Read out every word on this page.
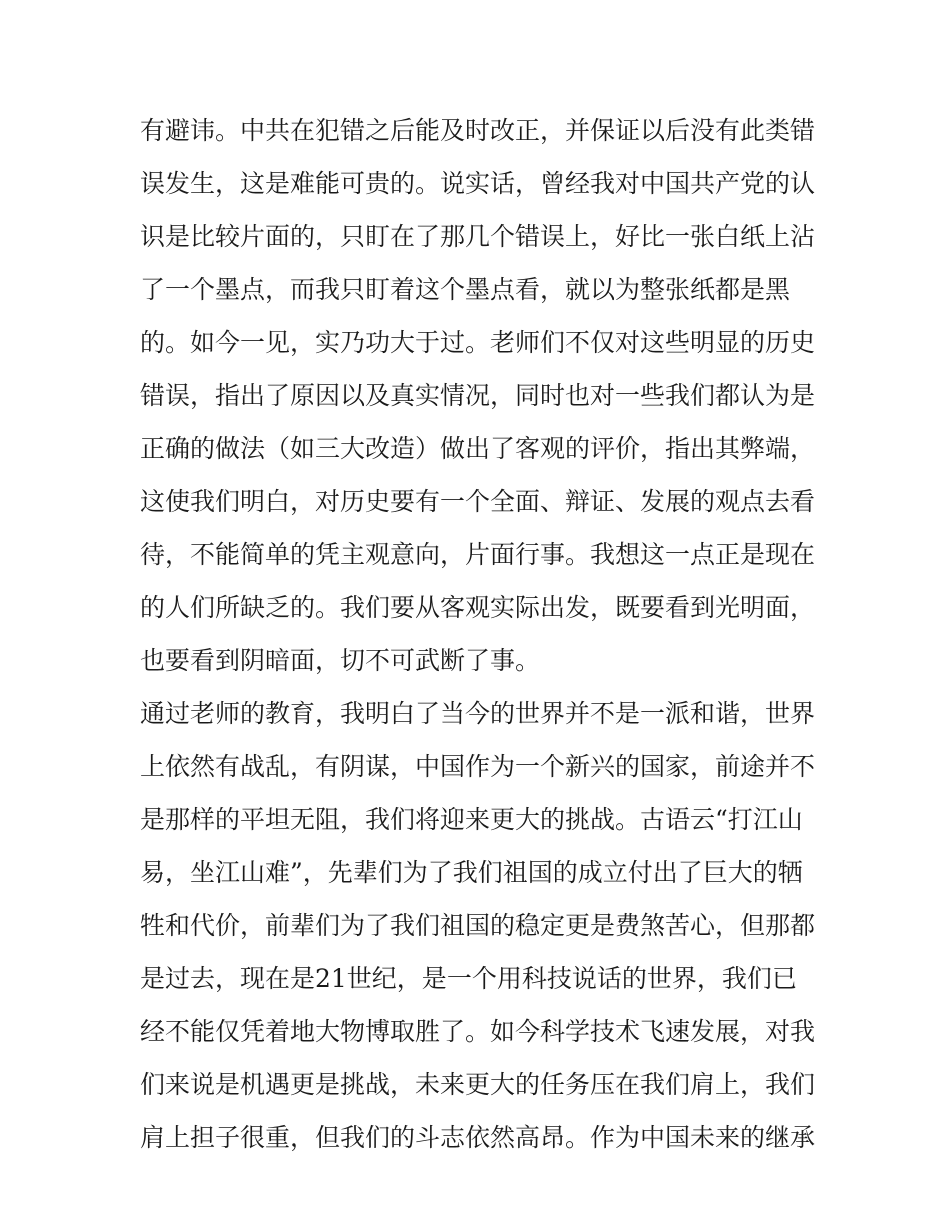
有避讳。中共在犯错之后能及时改正，并保证以后没有此类错
误发生，这是难能可贵的。说实话，曾经我对中国共产党的认
识是比较片面的，只盯在了那几个错误上，好比一张白纸上沾
了一个墨点，而我只盯着这个墨点看，就以为整张纸都是黑
的。如今一见，实乃功大于过。老师们不仅对这些明显的历史
错误，指出了原因以及真实情况，同时也对一些我们都认为是
正确的做法（如三大改造）做出了客观的评价，指出其弊端，
这使我们明白，对历史要有一个全面、辩证、发展的观点去看
待，不能简单的凭主观意向，片面行事。我想这一点正是现在
的人们所缺乏的。我们要从客观实际出发，既要看到光明面，
也要看到阴暗面，切不可武断了事。
通过老师的教育，我明白了当今的世界并不是一派和谐，世界
上依然有战乱，有阴谋，中国作为一个新兴的国家，前途并不
是那样的平坦无阻，我们将迎来更大的挑战。古语云“打江山
易，坐江山难”，先辈们为了我们祖国的成立付出了巨大的牺
牲和代价，前辈们为了我们祖国的稳定更是费煞苦心，但那都
是过去，现在是21世纪，是一个用科技说话的世界，我们已
经不能仅凭着地大物博取胜了。如今科学技术飞速发展，对我
们来说是机遇更是挑战，未来更大的任务压在我们肩上，我们
肩上担子很重，但我们的斗志依然高昂。作为中国未来的继承
